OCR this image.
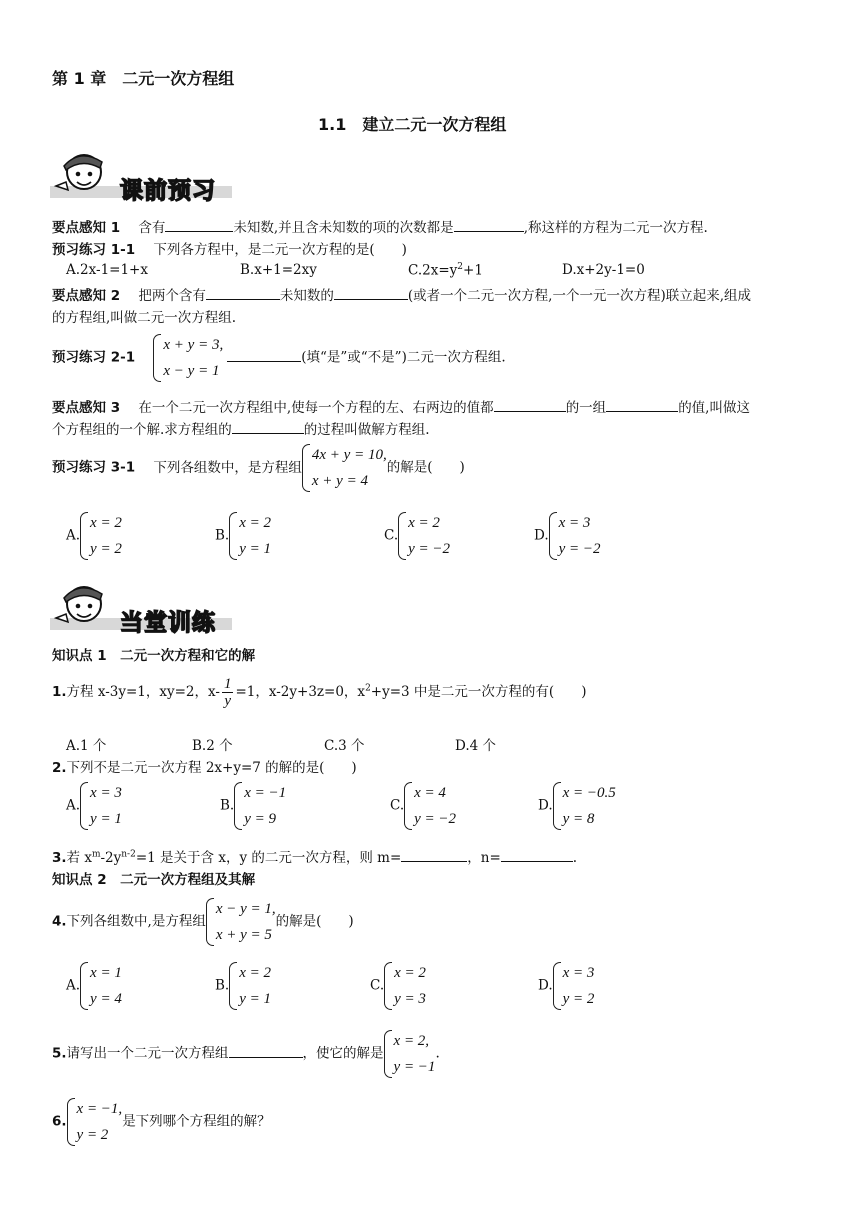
第 1 章　二元一次方程组
1.1　建立二元一次方程组
课前预习
要点感知 1 含有	未知数,并且含未知数的项的次数都是	,称这样的方程为二元一次方程.
预习练习 1-1 下列各方程中，是二元一次方程的是(　　)
A.2x-1=1+x	B.x+1=2xy	$C.2x=y^2+1$	D.x+2y-1=0
要点感知 2 把两个含有	未知数的	(或者一个二元一次方程,一个一元一次方程)联立起来,组成
的方程组,叫做二元一次方程组.
预习练习 2-1
x + y = 3,
x − y = 1
(填“是”或“不是”)二元一次方程组.
要点感知 3 在一个二元一次方程组中,使每一个方程的左、右两边的值都	的一组	的值,叫做这
个方程组的一个解.求方程组的	的过程叫做解方程组.
预习练习 3-1 下列各组数中，是方程组
4x + y = 10,
x + y = 4
的解是(　　)
A.
x = 2
y = 2
B.
x = 2
y = 1
C.
x = 2
y = −2
D.
x = 3
y = −2
当堂训练
知识点 1　二元一次方程和它的解
1.方程 x-3y=1，xy=2，$x- \frac{1}{y} =1$，x-2y+3z=0，$x^2+y=3$ 中是二元一次方程的有(　　)
A.1 个	B.2 个	C.3 个	D.4 个
2.下列不是二元一次方程 2x+y=7 的解的是(　　)
A.
x = 3
y = 1
B.
x = −1
y = 9
C.
x = 4
y = −2
D.
x = −0.5
y = 8
3.若 $x^m-2y^{n-2}=1$ 是关于含 x，y 的二元一次方程，则 m=	，n=	.
知识点 2　二元一次方程组及其解
4.下列各组数中,是方程组
x − y = 1,
x + y = 5
的解是(　　)
A.
x = 1
y = 4
B.
x = 2
y = 1
C.
x = 2
y = 3
D.
x = 3
y = 2
5.请写出一个二元一次方程组	，使它的解是
x = 2,
y = −1
.
6.
x = −1,
y = 2
是下列哪个方程组的解？
